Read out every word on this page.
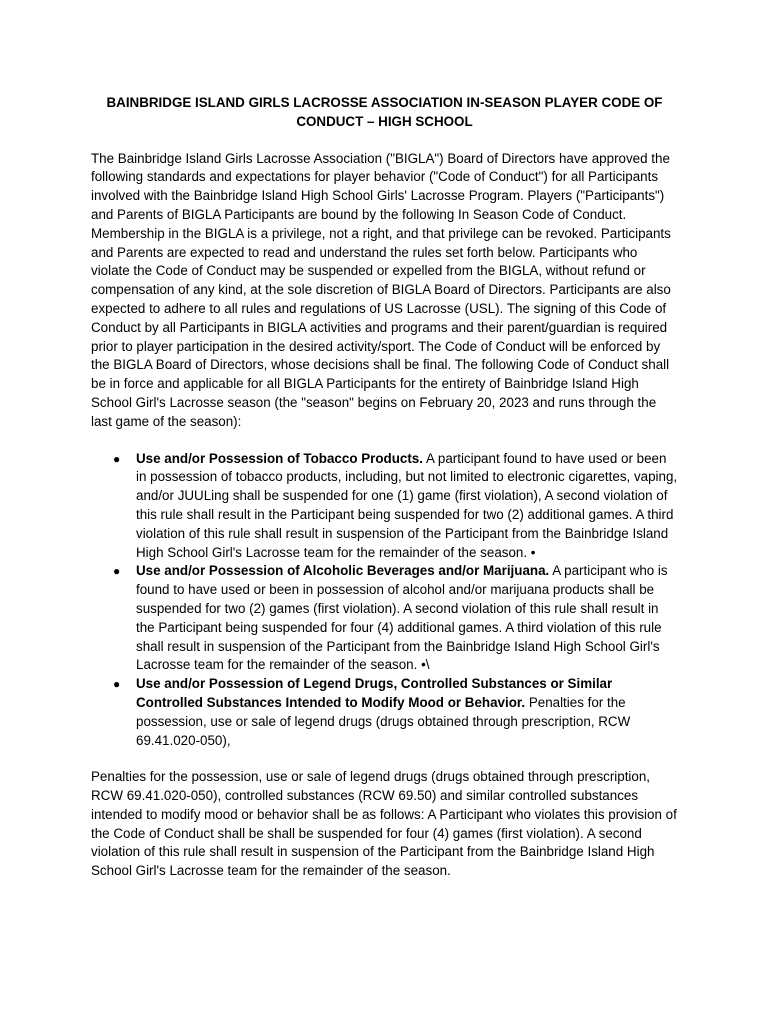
BAINBRIDGE ISLAND GIRLS LACROSSE ASSOCIATION IN-SEASON PLAYER CODE OF CONDUCT – HIGH SCHOOL

The Bainbridge Island Girls Lacrosse Association ("BIGLA") Board of Directors have approved the following standards and expectations for player behavior ("Code of Conduct") for all Participants involved with the Bainbridge Island High School Girls' Lacrosse Program. Players ("Participants") and Parents of BIGLA Participants are bound by the following In Season Code of Conduct. Membership in the BIGLA is a privilege, not a right, and that privilege can be revoked. Participants and Parents are expected to read and understand the rules set forth below. Participants who violate the Code of Conduct may be suspended or expelled from the BIGLA, without refund or compensation of any kind, at the sole discretion of BIGLA Board of Directors. Participants are also expected to adhere to all rules and regulations of US Lacrosse (USL). The signing of this Code of Conduct by all Participants in BIGLA activities and programs and their parent/guardian is required prior to player participation in the desired activity/sport. The Code of Conduct will be enforced by the BIGLA Board of Directors, whose decisions shall be final. The following Code of Conduct shall be in force and applicable for all BIGLA Participants for the entirety of Bainbridge Island High School Girl's Lacrosse season (the "season" begins on February 20, 2023 and runs through the last game of the season):

● Use and/or Possession of Tobacco Products. A participant found to have used or been in possession of tobacco products, including, but not limited to electronic cigarettes, vaping, and/or JUULing shall be suspended for one (1) game (first violation), A second violation of this rule shall result in the Participant being suspended for two (2) additional games. A third violation of this rule shall result in suspension of the Participant from the Bainbridge Island High School Girl's Lacrosse team for the remainder of the season. •
● Use and/or Possession of Alcoholic Beverages and/or Marijuana. A participant who is found to have used or been in possession of alcohol and/or marijuana products shall be suspended for two (2) games (first violation). A second violation of this rule shall result in the Participant being suspended for four (4) additional games. A third violation of this rule shall result in suspension of the Participant from the Bainbridge Island High School Girl's Lacrosse team for the remainder of the season. •\
● Use and/or Possession of Legend Drugs, Controlled Substances or Similar Controlled Substances Intended to Modify Mood or Behavior. Penalties for the possession, use or sale of legend drugs (drugs obtained through prescription, RCW 69.41.020-050),

Penalties for the possession, use or sale of legend drugs (drugs obtained through prescription, RCW 69.41.020-050), controlled substances (RCW 69.50) and similar controlled substances intended to modify mood or behavior shall be as follows: A Participant who violates this provision of the Code of Conduct shall be shall be suspended for four (4) games (first violation). A second violation of this rule shall result in suspension of the Participant from the Bainbridge Island High School Girl's Lacrosse team for the remainder of the season.
